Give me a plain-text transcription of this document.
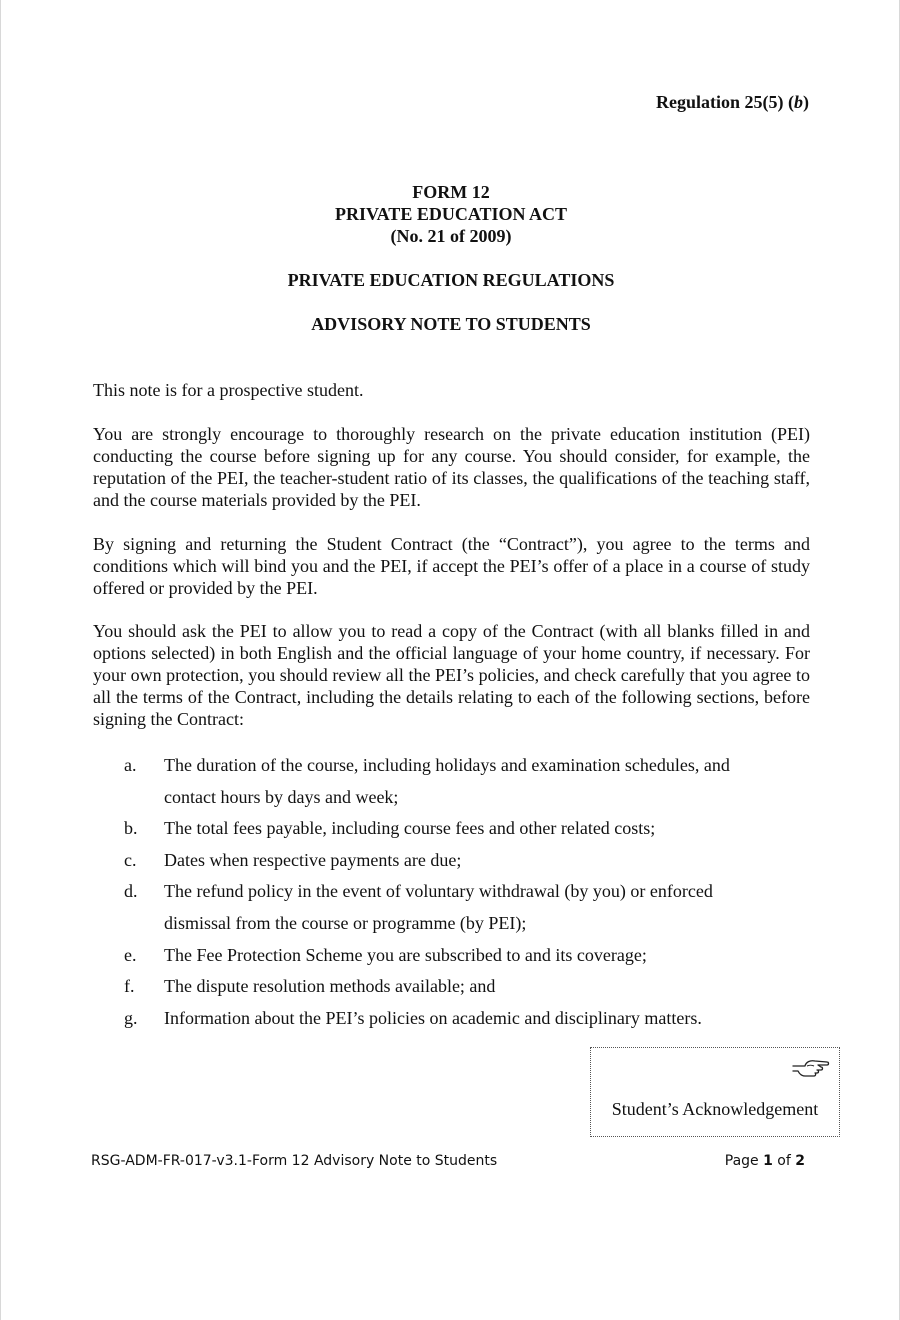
Regulation 25(5) (b)
FORM 12
PRIVATE EDUCATION ACT
(No. 21 of 2009)
PRIVATE EDUCATION REGULATIONS
ADVISORY NOTE TO STUDENTS
This note is for a prospective student.
You are strongly encourage to thoroughly research on the private education institution (PEI) conducting the course before signing up for any course. You should consider, for example, the reputation of the PEI, the teacher-student ratio of its classes, the qualifications of the teaching staff, and the course materials provided by the PEI.
By signing and returning the Student Contract (the “Contract”), you agree to the terms and conditions which will bind you and the PEI, if accept the PEI’s offer of a place in a course of study offered or provided by the PEI.
You should ask the PEI to allow you to read a copy of the Contract (with all blanks filled in and options selected) in both English and the official language of your home country, if necessary. For your own protection, you should review all the PEI’s policies, and check carefully that you agree to all the terms of the Contract, including the details relating to each of the following sections, before signing the Contract:
a.	The duration of the course, including holidays and examination schedules, and contact hours by days and week;
b.	The total fees payable, including course fees and other related costs;
c.	Dates when respective payments are due;
d.	The refund policy in the event of voluntary withdrawal (by you) or enforced dismissal from the course or programme (by PEI);
e.	The Fee Protection Scheme you are subscribed to and its coverage;
f.	The dispute resolution methods available; and
g.	Information about the PEI’s policies on academic and disciplinary matters.
Student’s Acknowledgement
RSG-ADM-FR-017-v3.1-Form 12 Advisory Note to Students	Page 1 of 2
